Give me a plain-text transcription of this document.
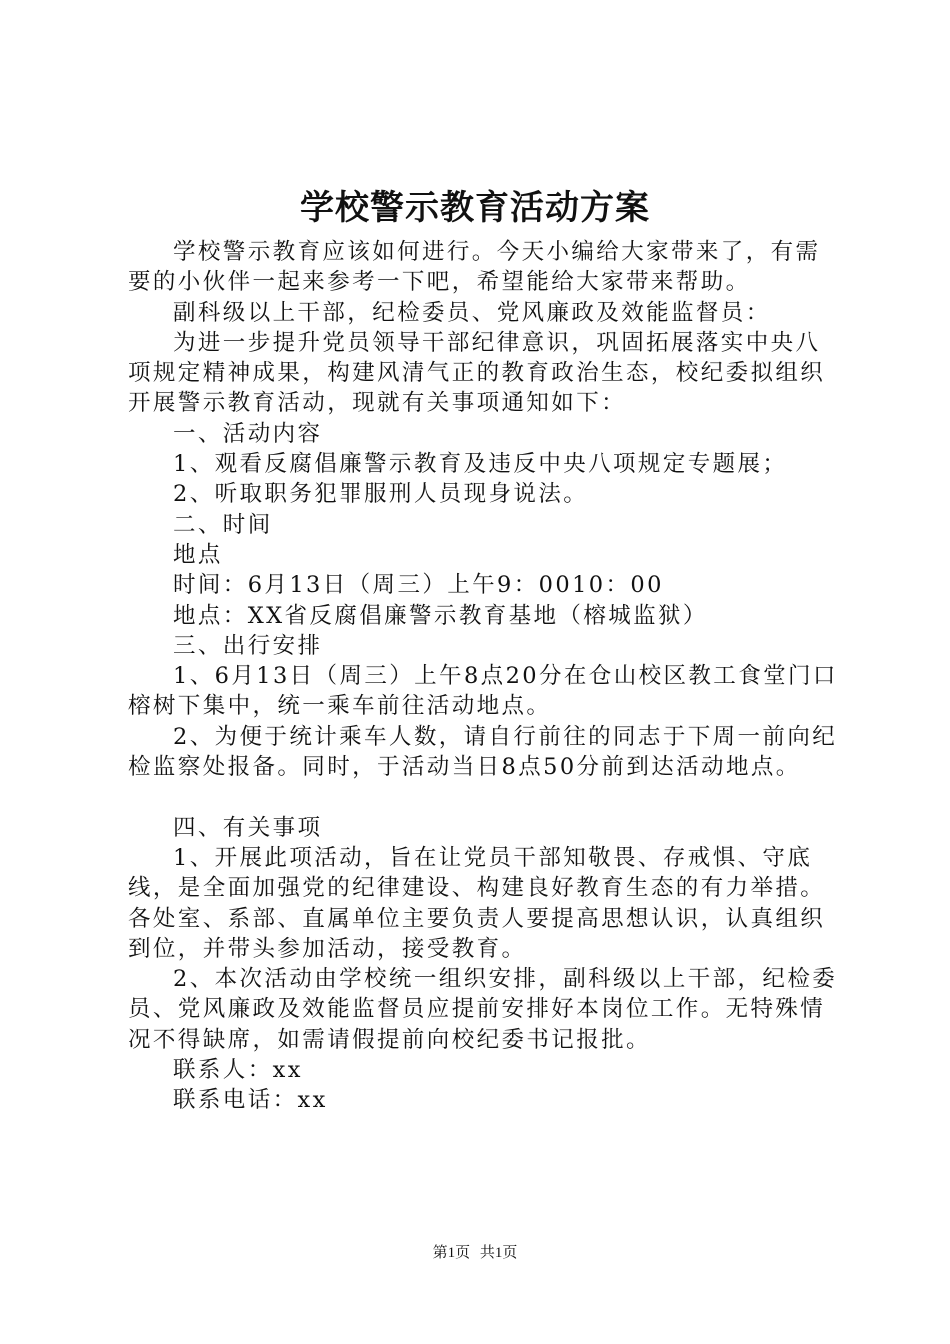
学校警示教育活动方案

学校警示教育应该如何进行。今天小编给大家带来了，有需要的小伙伴一起来参考一下吧，希望能给大家带来帮助。

副科级以上干部，纪检委员、党风廉政及效能监督员：

为进一步提升党员领导干部纪律意识，巩固拓展落实中央八项规定精神成果，构建风清气正的教育政治生态，校纪委拟组织开展警示教育活动，现就有关事项通知如下：

一、活动内容

1、观看反腐倡廉警示教育及违反中央八项规定专题展；

2、听取职务犯罪服刑人员现身说法。

二、时间

地点

时间：6月13日（周三）上午9：0010：00

地点：XX省反腐倡廉警示教育基地（榕城监狱）

三、出行安排

1、6月13日（周三）上午8点20分在仓山校区教工食堂门口榕树下集中，统一乘车前往活动地点。

2、为便于统计乘车人数，请自行前往的同志于下周一前向纪检监察处报备。同时，于活动当日8点50分前到达活动地点。

四、有关事项

1、开展此项活动，旨在让党员干部知敬畏、存戒惧、守底线，是全面加强党的纪律建设、构建良好教育生态的有力举措。各处室、系部、直属单位主要负责人要提高思想认识，认真组织到位，并带头参加活动，接受教育。

2、本次活动由学校统一组织安排，副科级以上干部，纪检委员、党风廉政及效能监督员应提前安排好本岗位工作。无特殊情况不得缺席，如需请假提前向校纪委书记报批。

联系人：xx

联系电话：xx

第1页 共1页
